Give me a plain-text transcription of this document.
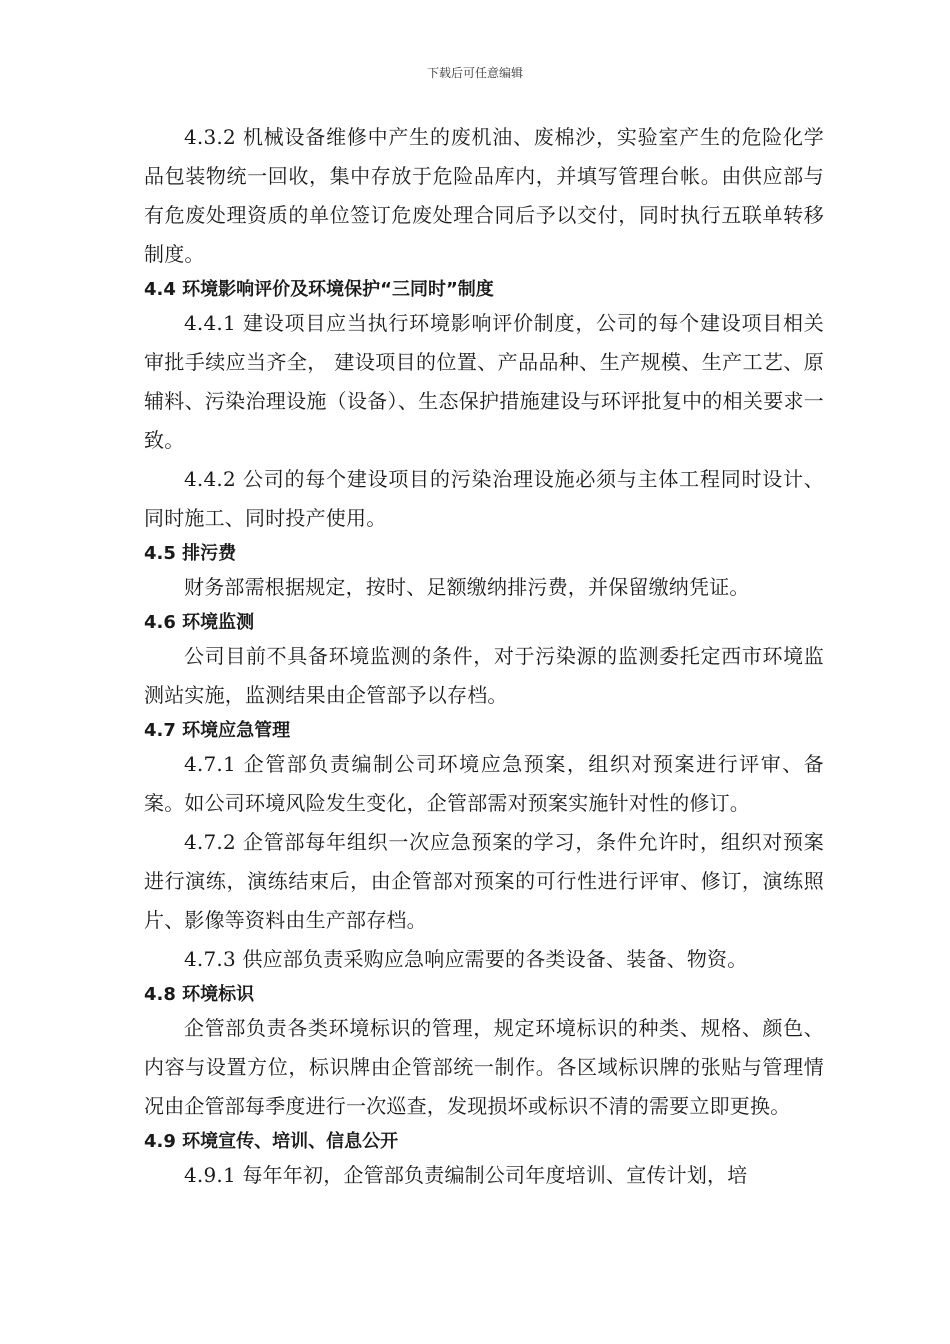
下载后可任意编辑

4.3.2 机械设备维修中产生的废机油、废棉沙，实验室产生的危险化学品包装物统一回收，集中存放于危险品库内，并填写管理台帐。由供应部与有危废处理资质的单位签订危废处理合同后予以交付，同时执行五联单转移制度。

4.4 环境影响评价及环境保护“三同时”制度

4.4.1 建设项目应当执行环境影响评价制度，公司的每个建设项目相关审批手续应当齐全， 建设项目的位置、产品品种、生产规模、生产工艺、原辅料、污染治理设施（设备）、生态保护措施建设与环评批复中的相关要求一致。

4.4.2 公司的每个建设项目的污染治理设施必须与主体工程同时设计、同时施工、同时投产使用。

4.5 排污费

财务部需根据规定，按时、足额缴纳排污费，并保留缴纳凭证。

4.6 环境监测

公司目前不具备环境监测的条件，对于污染源的监测委托定西市环境监测站实施，监测结果由企管部予以存档。

4.7 环境应急管理

4.7.1 企管部负责编制公司环境应急预案，组织对预案进行评审、备案。如公司环境风险发生变化，企管部需对预案实施针对性的修订。

4.7.2 企管部每年组织一次应急预案的学习，条件允许时，组织对预案进行演练，演练结束后，由企管部对预案的可行性进行评审、修订，演练照片、影像等资料由生产部存档。

4.7.3 供应部负责采购应急响应需要的各类设备、装备、物资。

4.8 环境标识

企管部负责各类环境标识的管理，规定环境标识的种类、规格、颜色、内容与设置方位，标识牌由企管部统一制作。各区域标识牌的张贴与管理情况由企管部每季度进行一次巡查，发现损坏或标识不清的需要立即更换。

4.9 环境宣传、培训、信息公开

4.9.1 每年年初，企管部负责编制公司年度培训、宣传计划，培
